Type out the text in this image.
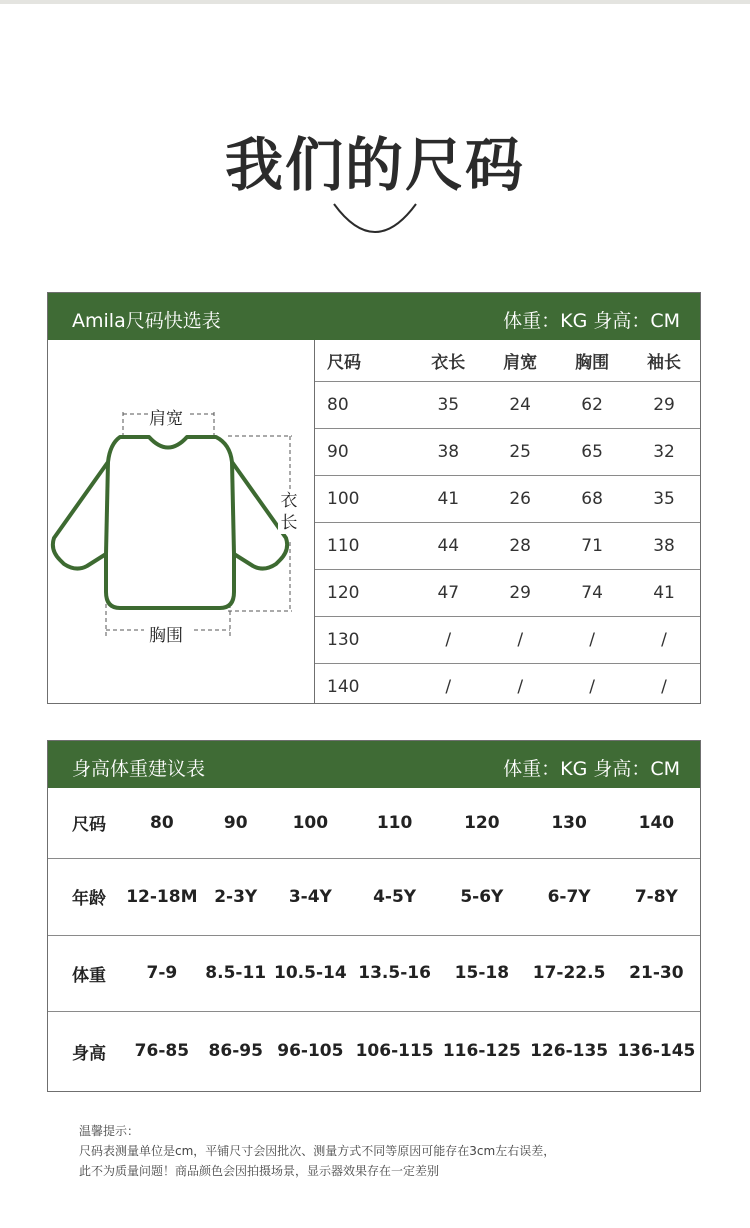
我们的尺码
Amila尺码快选表	体重：KG 身高：CM
肩宽
衣长
胸围
尺码	衣长	肩宽	胸围	袖长
80	35	24	62	29
90	38	25	65	32
100	41	26	68	35
110	44	28	71	38
120	47	29	74	41
130	/	/	/	/
140	/	/	/	/
身高体重建议表	体重：KG 身高：CM
尺码	80	90	100	110	120	130	140
年龄	12-18M	2-3Y	3-4Y	4-5Y	5-6Y	6-7Y	7-8Y
体重	7-9	8.5-11	10.5-14	13.5-16	15-18	17-22.5	21-30
身高	76-85	86-95	96-105	106-115	116-125	126-135	136-145
温馨提示：
尺码表测量单位是cm，平铺尺寸会因批次、测量方式不同等原因可能存在3cm左右误差，
此不为质量问题！商品颜色会因拍摄场景，显示器效果存在一定差别
